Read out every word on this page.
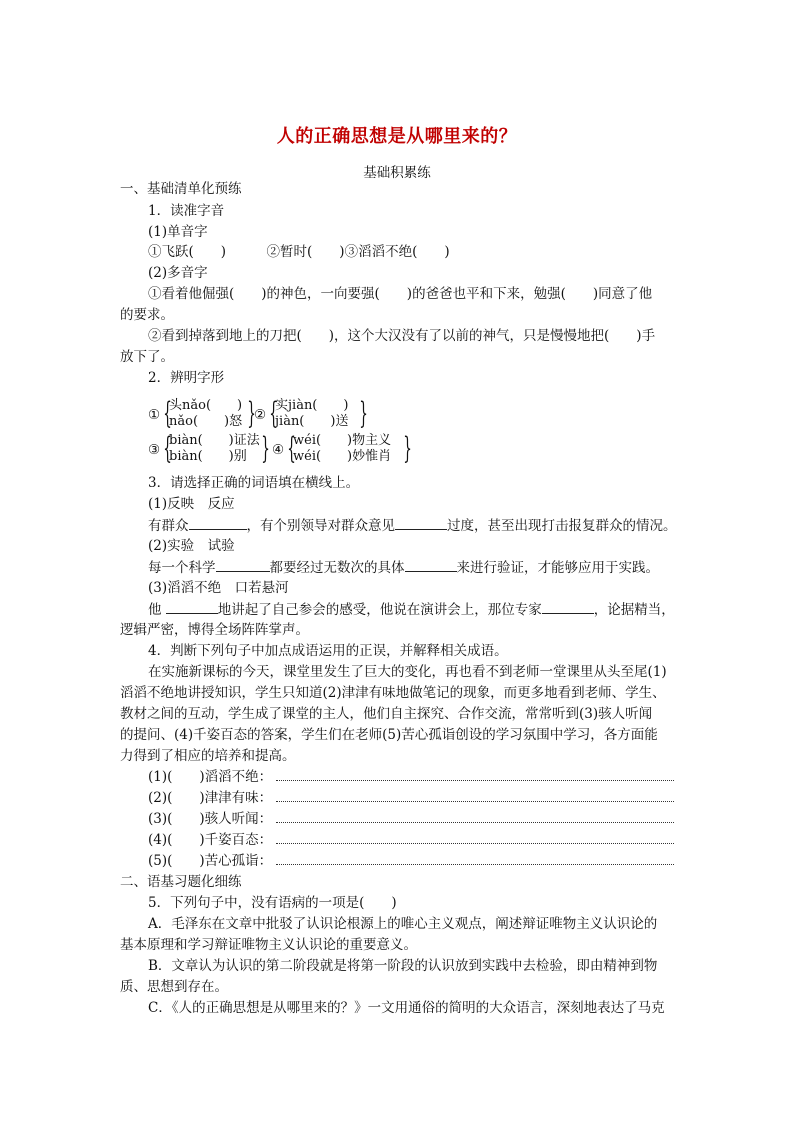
人的正确思想是从哪里来的？
基础积累练
一、基础清单化预练
1．读准字音
(1)单音字
①飞跃(　　)　　　②暂时(　　)③滔滔不绝(　　)
(2)多音字
①看着他倔强(　　)的神色，一向要强(　　)的爸爸也平和下来，勉强(　　)同意了他
的要求。
②看到掉落到地上的刀把(　　)，这个大汉没有了以前的神气，只是慢慢地把(　　)手
放下了。
2．辨明字形
① {
头nǎo(　　)
nǎo(　　)怒 }
② {
实jiàn(　　)
jiàn(　　)送 }
③ {
biàn(　　)证法
biàn(　　)别 } ④ {
wéi(　　)物主义
wéi(　　)妙惟肖 }
3．请选择正确的词语填在横线上。
(1)反映　反应
有群众	，有个别领导对群众意见	过度，甚至出现打击报复群众的情况。
(2)实验　试验
每一个科学	都要经过无数次的具体	来进行验证，才能够应用于实践。
(3)滔滔不绝　口若悬河
他	地讲起了自己参会的感受，他说在演讲会上，那位专家	，论据精当，
逻辑严密，博得全场阵阵掌声。
4．判断下列句子中加点成语运用的正误，并解释相关成语。
在实施新课标的今天，课堂里发生了巨大的变化，再也看不到老师一堂课里从头至尾(1)
滔滔不绝地讲授知识，学生只知道(2)津津有味地做笔记的现象，而更多地看到老师、学生、
教材之间的互动，学生成了课堂的主人，他们自主探究、合作交流，常常听到(3)骇人听闻
的提问、(4)千姿百态的答案，学生们在老师(5)苦心孤诣创设的学习氛围中学习，各方面能
力得到了相应的培养和提高。
(1)(　　)滔滔不绝：
(2)(　　)津津有味：
(3)(　　)骇人听闻：
(4)(　　)千姿百态：
(5)(　　)苦心孤诣：
二、语基习题化细练
5．下列句子中，没有语病的一项是(　　)
A．毛泽东在文章中批驳了认识论根源上的唯心主义观点，阐述辩证唯物主义认识论的
基本原理和学习辩证唯物主义认识论的重要意义。
B．文章认为认识的第二阶段就是将第一阶段的认识放到实践中去检验，即由精神到物
质、思想到存在。
C．《人的正确思想是从哪里来的？》一文用通俗的简明的大众语言，深刻地表达了马克
